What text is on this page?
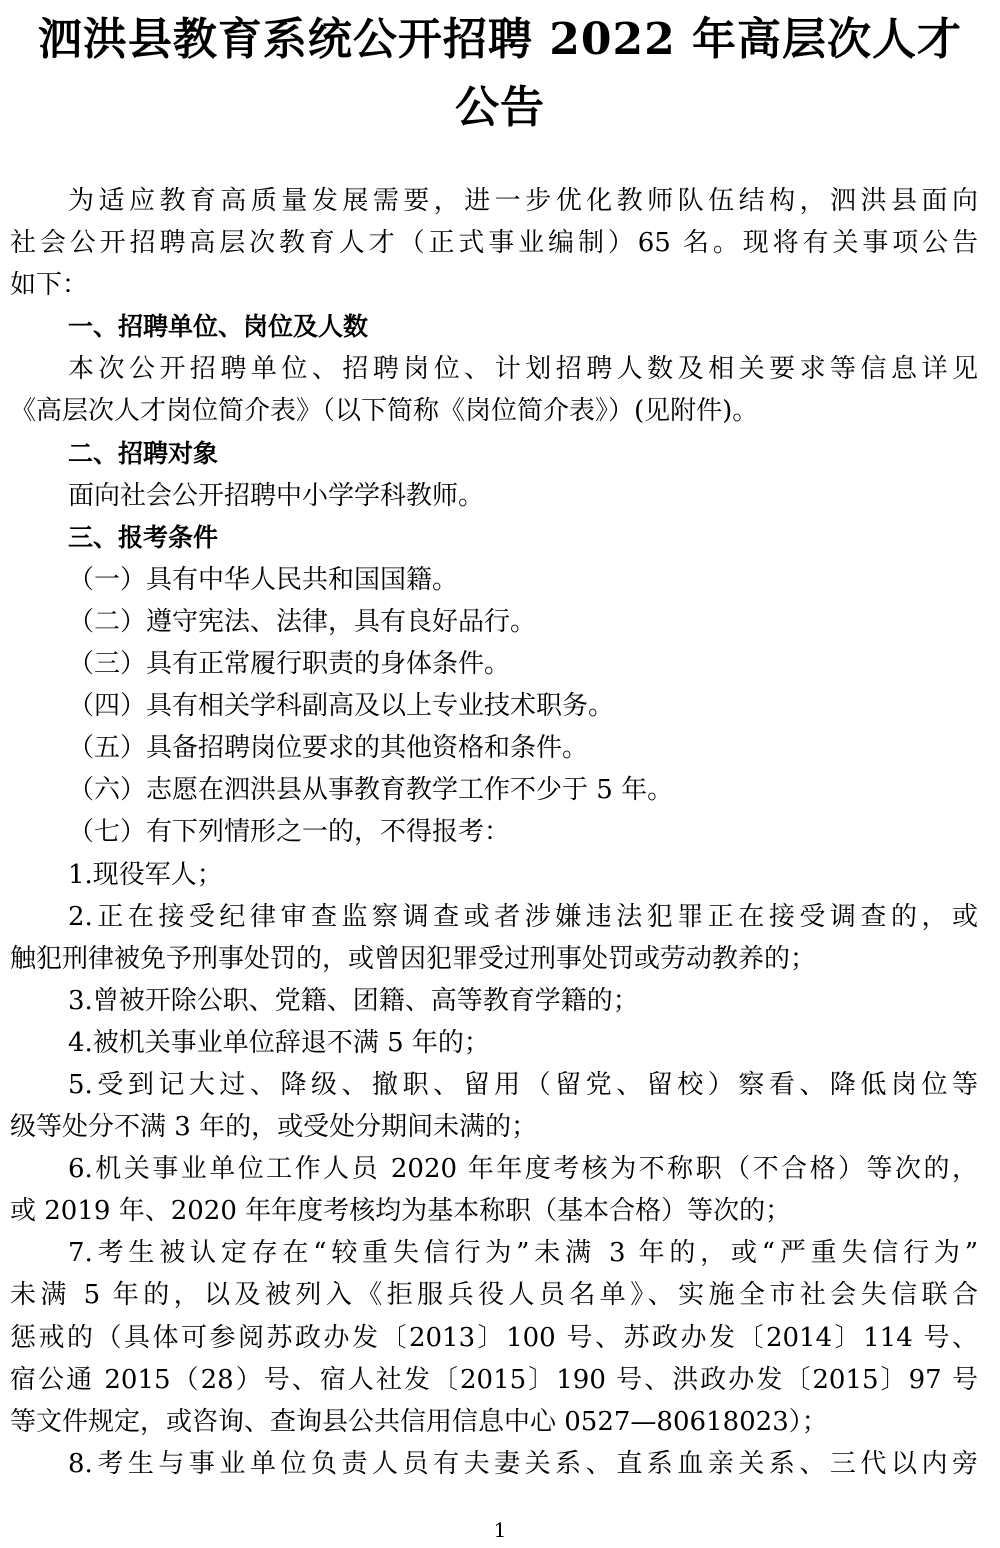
泗洪县教育系统公开招聘 2022 年高层次人才
公告
为适应教育高质量发展需要，进一步优化教师队伍结构，泗洪县面向
社会公开招聘高层次教育人才（正式事业编制）65 名。现将有关事项公告
如下：
一、招聘单位、岗位及人数
本次公开招聘单位、招聘岗位、计划招聘人数及相关要求等信息详见
《高层次人才岗位简介表》（以下简称《岗位简介表》）(见附件)。
二、招聘对象
面向社会公开招聘中小学学科教师。
三、报考条件
（一）具有中华人民共和国国籍。
（二）遵守宪法、法律，具有良好品行。
（三）具有正常履行职责的身体条件。
（四）具有相关学科副高及以上专业技术职务。
（五）具备招聘岗位要求的其他资格和条件。
（六）志愿在泗洪县从事教育教学工作不少于 5 年。
（七）有下列情形之一的，不得报考：
1.现役军人；
2.正在接受纪律审查监察调查或者涉嫌违法犯罪正在接受调查的，或
触犯刑律被免予刑事处罚的，或曾因犯罪受过刑事处罚或劳动教养的；
3.曾被开除公职、党籍、团籍、高等教育学籍的；
4.被机关事业单位辞退不满 5 年的；
5.受到记大过、降级、撤职、留用（留党、留校）察看、降低岗位等
级等处分不满 3 年的，或受处分期间未满的；
6.机关事业单位工作人员 2020 年年度考核为不称职（不合格）等次的，
或 2019 年、2020 年年度考核均为基本称职（基本合格）等次的；
7.考生被认定存在“较重失信行为”未满 3 年的，或“严重失信行为”
未满 5 年的，以及被列入《拒服兵役人员名单》、实施全市社会失信联合
惩戒的（具体可参阅苏政办发〔2013〕100 号、苏政办发〔2014〕114 号、
宿公通 2015（28）号、宿人社发〔2015〕190 号、洪政办发〔2015〕97 号
等文件规定，或咨询、查询县公共信用信息中心 0527—80618023）；
8.考生与事业单位负责人员有夫妻关系、直系血亲关系、三代以内旁
1
